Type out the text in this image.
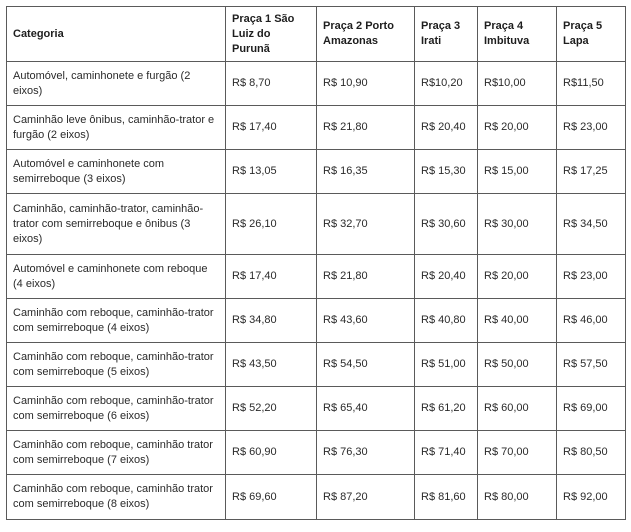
Categoria	Praça 1 São Luiz do Purunã	Praça 2 Porto Amazonas	Praça 3 Irati	Praça 4 Imbituva	Praça 5 Lapa
Automóvel, caminhonete e furgão (2 eixos)	R$ 8,70	R$ 10,90	R$10,20	R$10,00	R$11,50
Caminhão leve ônibus, caminhão-trator e furgão (2 eixos)	R$ 17,40	R$ 21,80	R$ 20,40	R$ 20,00	R$ 23,00
Automóvel e caminhonete com semirreboque (3 eixos)	R$ 13,05	R$ 16,35	R$ 15,30	R$ 15,00	R$ 17,25
Caminhão, caminhão-trator, caminhão-trator com semirreboque e ônibus (3 eixos)	R$ 26,10	R$ 32,70	R$ 30,60	R$ 30,00	R$ 34,50
Automóvel e caminhonete com reboque (4 eixos)	R$ 17,40	R$ 21,80	R$ 20,40	R$ 20,00	R$ 23,00
Caminhão com reboque, caminhão-trator com semirreboque (4 eixos)	R$ 34,80	R$ 43,60	R$ 40,80	R$ 40,00	R$ 46,00
Caminhão com reboque, caminhão-trator com semirreboque (5 eixos)	R$ 43,50	R$ 54,50	R$ 51,00	R$ 50,00	R$ 57,50
Caminhão com reboque, caminhão-trator com semirreboque (6 eixos)	R$ 52,20	R$ 65,40	R$ 61,20	R$ 60,00	R$ 69,00
Caminhão com reboque, caminhão trator com semirreboque (7 eixos)	R$ 60,90	R$ 76,30	R$ 71,40	R$ 70,00	R$ 80,50
Caminhão com reboque, caminhão trator com semirreboque (8 eixos)	R$ 69,60	R$ 87,20	R$ 81,60	R$ 80,00	R$ 92,00
